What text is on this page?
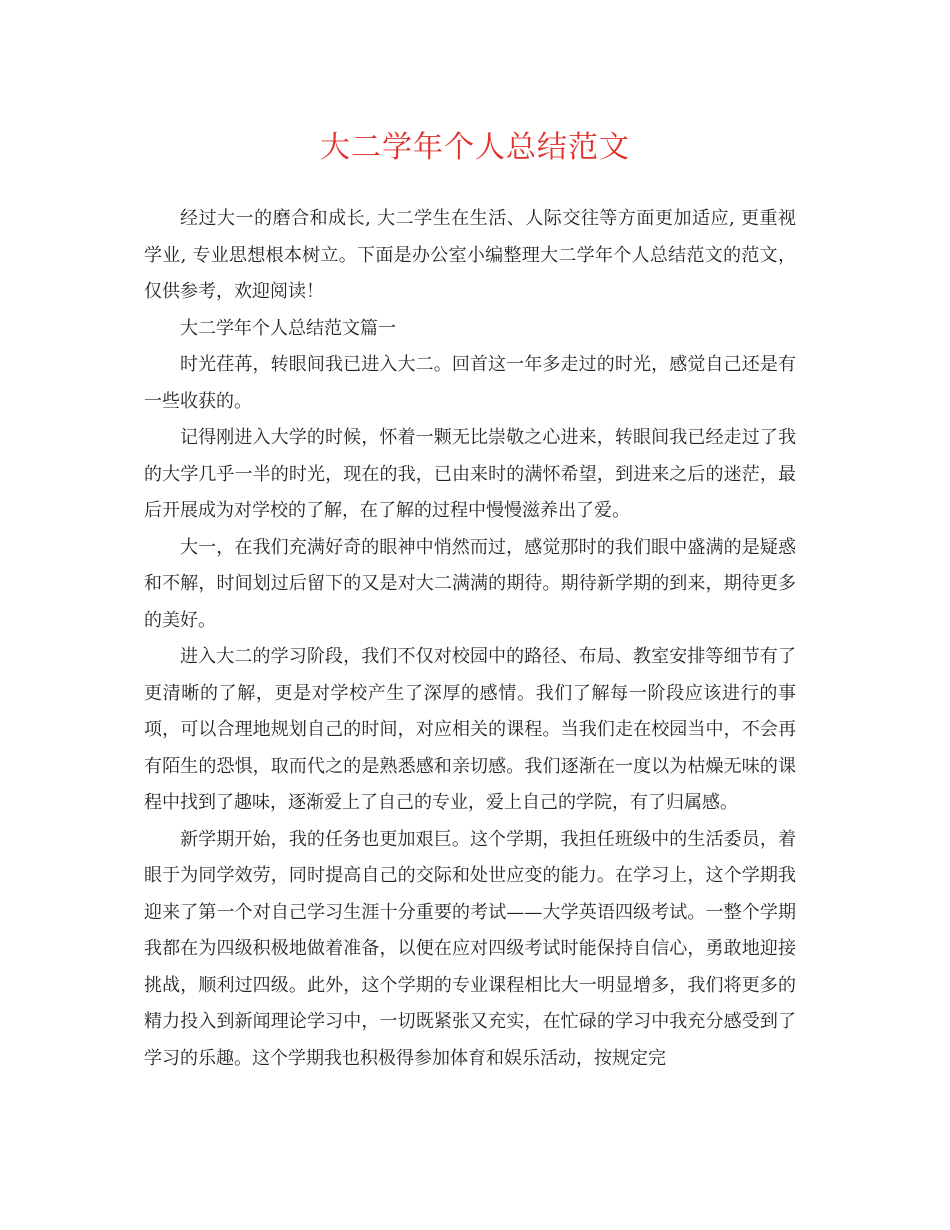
大二学年个人总结范文

经过大一的磨合和成长, 大二学生在生活、人际交往等方面更加适应, 更重视学业, 专业思想根本树立。下面是办公室小编整理大二学年个人总结范文的范文，仅供参考，欢迎阅读！

大二学年个人总结范文篇一

时光荏苒，转眼间我已进入大二。回首这一年多走过的时光，感觉自己还是有一些收获的。

记得刚进入大学的时候，怀着一颗无比崇敬之心进来，转眼间我已经走过了我的大学几乎一半的时光，现在的我，已由来时的满怀希望，到进来之后的迷茫，最后开展成为对学校的了解，在了解的过程中慢慢滋养出了爱。

大一，在我们充满好奇的眼神中悄然而过，感觉那时的我们眼中盛满的是疑惑和不解，时间划过后留下的又是对大二满满的期待。期待新学期的到来，期待更多的美好。

进入大二的学习阶段，我们不仅对校园中的路径、布局、教室安排等细节有了更清晰的了解，更是对学校产生了深厚的感情。我们了解每一阶段应该进行的事项，可以合理地规划自己的时间，对应相关的课程。当我们走在校园当中，不会再有陌生的恐惧，取而代之的是熟悉感和亲切感。我们逐渐在一度以为枯燥无味的课程中找到了趣味，逐渐爱上了自己的专业，爱上自己的学院，有了归属感。

新学期开始，我的任务也更加艰巨。这个学期，我担任班级中的生活委员，着眼于为同学效劳，同时提高自己的交际和处世应变的能力。在学习上，这个学期我迎来了第一个对自己学习生涯十分重要的考试——大学英语四级考试。一整个学期我都在为四级积极地做着准备，以便在应对四级考试时能保持自信心，勇敢地迎接挑战，顺利过四级。此外，这个学期的专业课程相比大一明显增多，我们将更多的精力投入到新闻理论学习中，一切既紧张又充实，在忙碌的学习中我充分感受到了学习的乐趣。这个学期我也积极得参加体育和娱乐活动，按规定完
